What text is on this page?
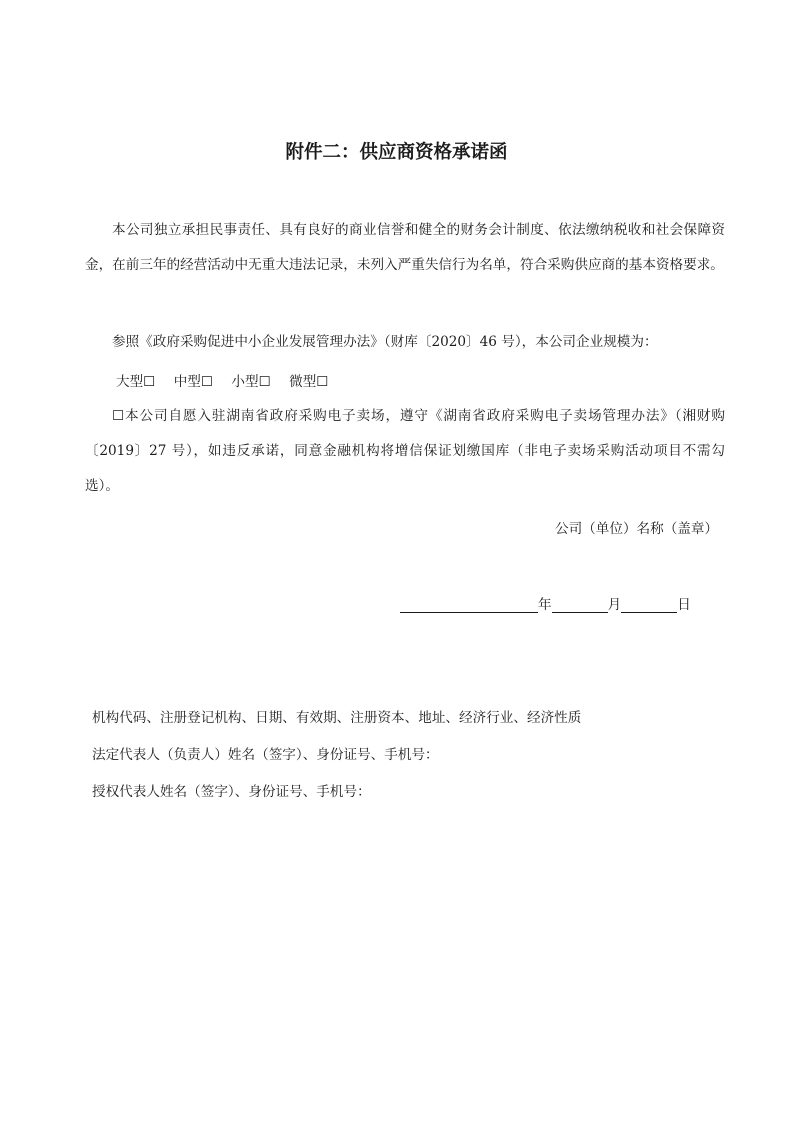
附件二：供应商资格承诺函

本公司独立承担民事责任、具有良好的商业信誉和健全的财务会计制度、依法缴纳税收和社会保障资金，在前三年的经营活动中无重大违法记录，未列入严重失信行为名单，符合采购供应商的基本资格要求。

参照《政府采购促进中小企业发展管理办法》（财库〔2020〕46 号），本公司企业规模为：

大型☐ 中型☐ 小型☐ 微型☐

☐本公司自愿入驻湖南省政府采购电子卖场，遵守《湖南省政府采购电子卖场管理办法》（湘财购〔2019〕27 号），如违反承诺，同意金融机构将增信保证划缴国库（非电子卖场采购活动项目不需勾选）。

公司（单位）名称（盖章）
年	月	日
机构代码、注册登记机构、日期、有效期、注册资本、地址、经济行业、经济性质
法定代表人（负责人）姓名（签字）、身份证号、手机号：
授权代表人姓名（签字）、身份证号、手机号：
